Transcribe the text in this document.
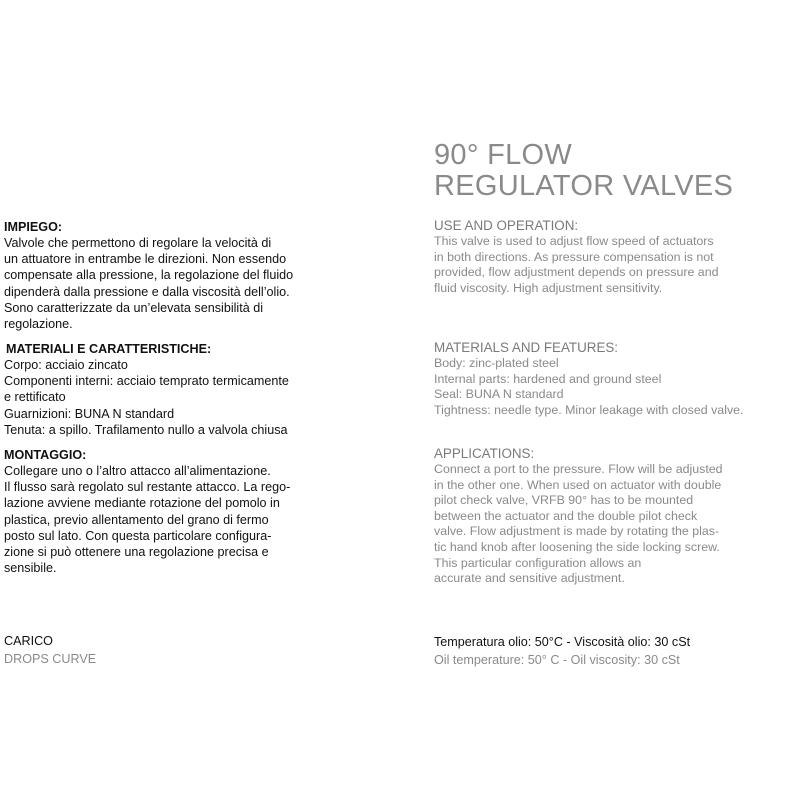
90° FLOW
REGULATOR VALVES
IMPIEGO:
Valvole che permettono di regolare la velocità di
un attuatore in entrambe le direzioni. Non essendo
compensate alla pressione, la regolazione del fluido
dipenderà dalla pressione e dalla viscosità dell’olio.
Sono caratterizzate da un’elevata sensibilità di
regolazione.
MATERIALI E CARATTERISTICHE:
Corpo: acciaio zincato
Componenti interni: acciaio temprato termicamente
e rettificato
Guarnizioni: BUNA N standard
Tenuta: a spillo. Trafilamento nullo a valvola chiusa
MONTAGGIO:
Collegare uno o l’altro attacco all’alimentazione.
Il flusso sarà regolato sul restante attacco. La rego-
lazione avviene mediante rotazione del pomolo in
plastica, previo allentamento del grano di fermo
posto sul lato. Con questa particolare configura-
zione si può ottenere una regolazione precisa e
sensibile.
CARICO
DROPS CURVE
USE AND OPERATION:
This valve is used to adjust flow speed of actuators
in both directions. As pressure compensation is not
provided, flow adjustment depends on pressure and
fluid viscosity. High adjustment sensitivity.
MATERIALS AND FEATURES:
Body: zinc-plated steel
Internal parts: hardened and ground steel
Seal: BUNA N standard
Tightness: needle type. Minor leakage with closed valve.
APPLICATIONS:
Connect a port to the pressure. Flow will be adjusted
in the other one. When used on actuator with double
pilot check valve, VRFB 90° has to be mounted
between the actuator and the double pilot check
valve. Flow adjustment is made by rotating the plas-
tic hand knob after loosening the side locking screw.
This particular configuration allows an
accurate and sensitive adjustment.
Temperatura olio: 50°C - Viscosità olio: 30 cSt
Oil temperature: 50° C - Oil viscosity: 30 cSt
